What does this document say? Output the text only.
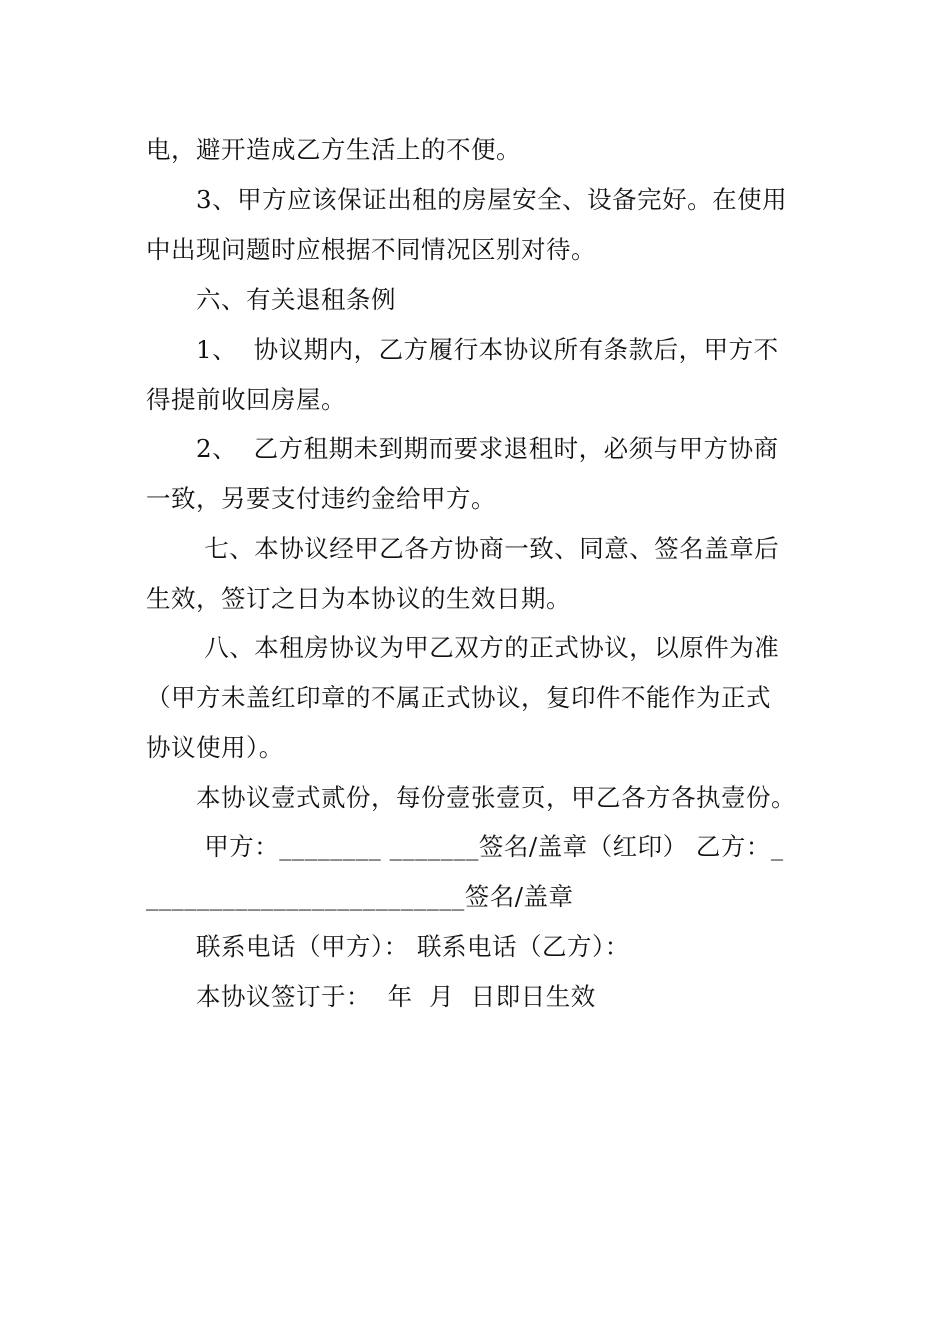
电，避开造成乙方生活上的不便。
3、甲方应该保证出租的房屋安全、设备完好。在使用
中出现问题时应根据不同情况区别对待。
六、有关退租条例
1、  协议期内，乙方履行本协议所有条款后，甲方不
得提前收回房屋。
2、  乙方租期未到期而要求退租时，必须与甲方协商
一致，另要支付违约金给甲方。
七、本协议经甲乙各方协商一致、同意、签名盖章后
生效，签订之日为本协议的生效日期。
八、本租房协议为甲乙双方的正式协议，以原件为准
（甲方未盖红印章的不属正式协议，复印件不能作为正式
协议使用）。
本协议壹式贰份，每份壹张壹页，甲乙各方各执壹份。
甲方：________ _______签名/盖章（红印） 乙方：_
_________________________签名/盖章
联系电话（甲方）： 联系电话（乙方）：
本协议签订于：  年  月  日即日生效
